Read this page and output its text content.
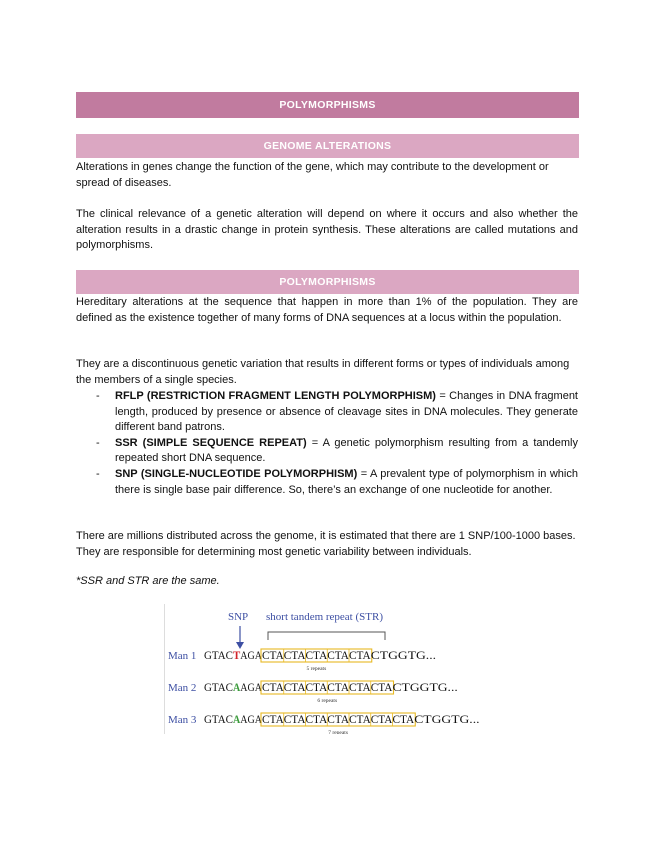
POLYMORPHISMS
GENOME ALTERATIONS

Alterations in genes change the function of the gene, which may contribute to the development or spread of diseases.

The clinical relevance of a genetic alteration will depend on where it occurs and also whether the alteration results in a drastic change in protein synthesis. These alterations are called mutations and polymorphisms.

POLYMORPHISMS

Hereditary alterations at the sequence that happen in more than 1% of the population. They are defined as the existence together of many forms of DNA sequences at a locus within the population.

They are a discontinuous genetic variation that results in different forms or types of individuals among the members of a single species.

- RFLP (RESTRICTION FRAGMENT LENGTH POLYMORPHISM) = Changes in DNA fragment length, produced by presence or absence of cleavage sites in DNA molecules. They generate different band patrons.
- SSR (SIMPLE SEQUENCE REPEAT) = A genetic polymorphism resulting from a tandemly repeated short DNA sequence.
- SNP (SINGLE-NUCLEOTIDE POLYMORPHISM) = A prevalent type of polymorphism in which there is single base pair difference. So, there’s an exchange of one nucleotide for another.

There are millions distributed across the genome, it is estimated that there are 1 SNP/100-1000 bases. They are responsible for determining most genetic variability between individuals.

*SSR and STR are the same.
SNP short tandem repeat (STR)
Man 1 GTAC T AGA
5 repeats
CTACTACTACTACTA CTGGTG...
Man 2 GTAC A AGA
6 repeats
CTACTACTACTACTACTA CTGGTG...
Man 3 GTAC A AGA
7 repeats
CTACTACTACTACTACTACTA CTGGTG...
